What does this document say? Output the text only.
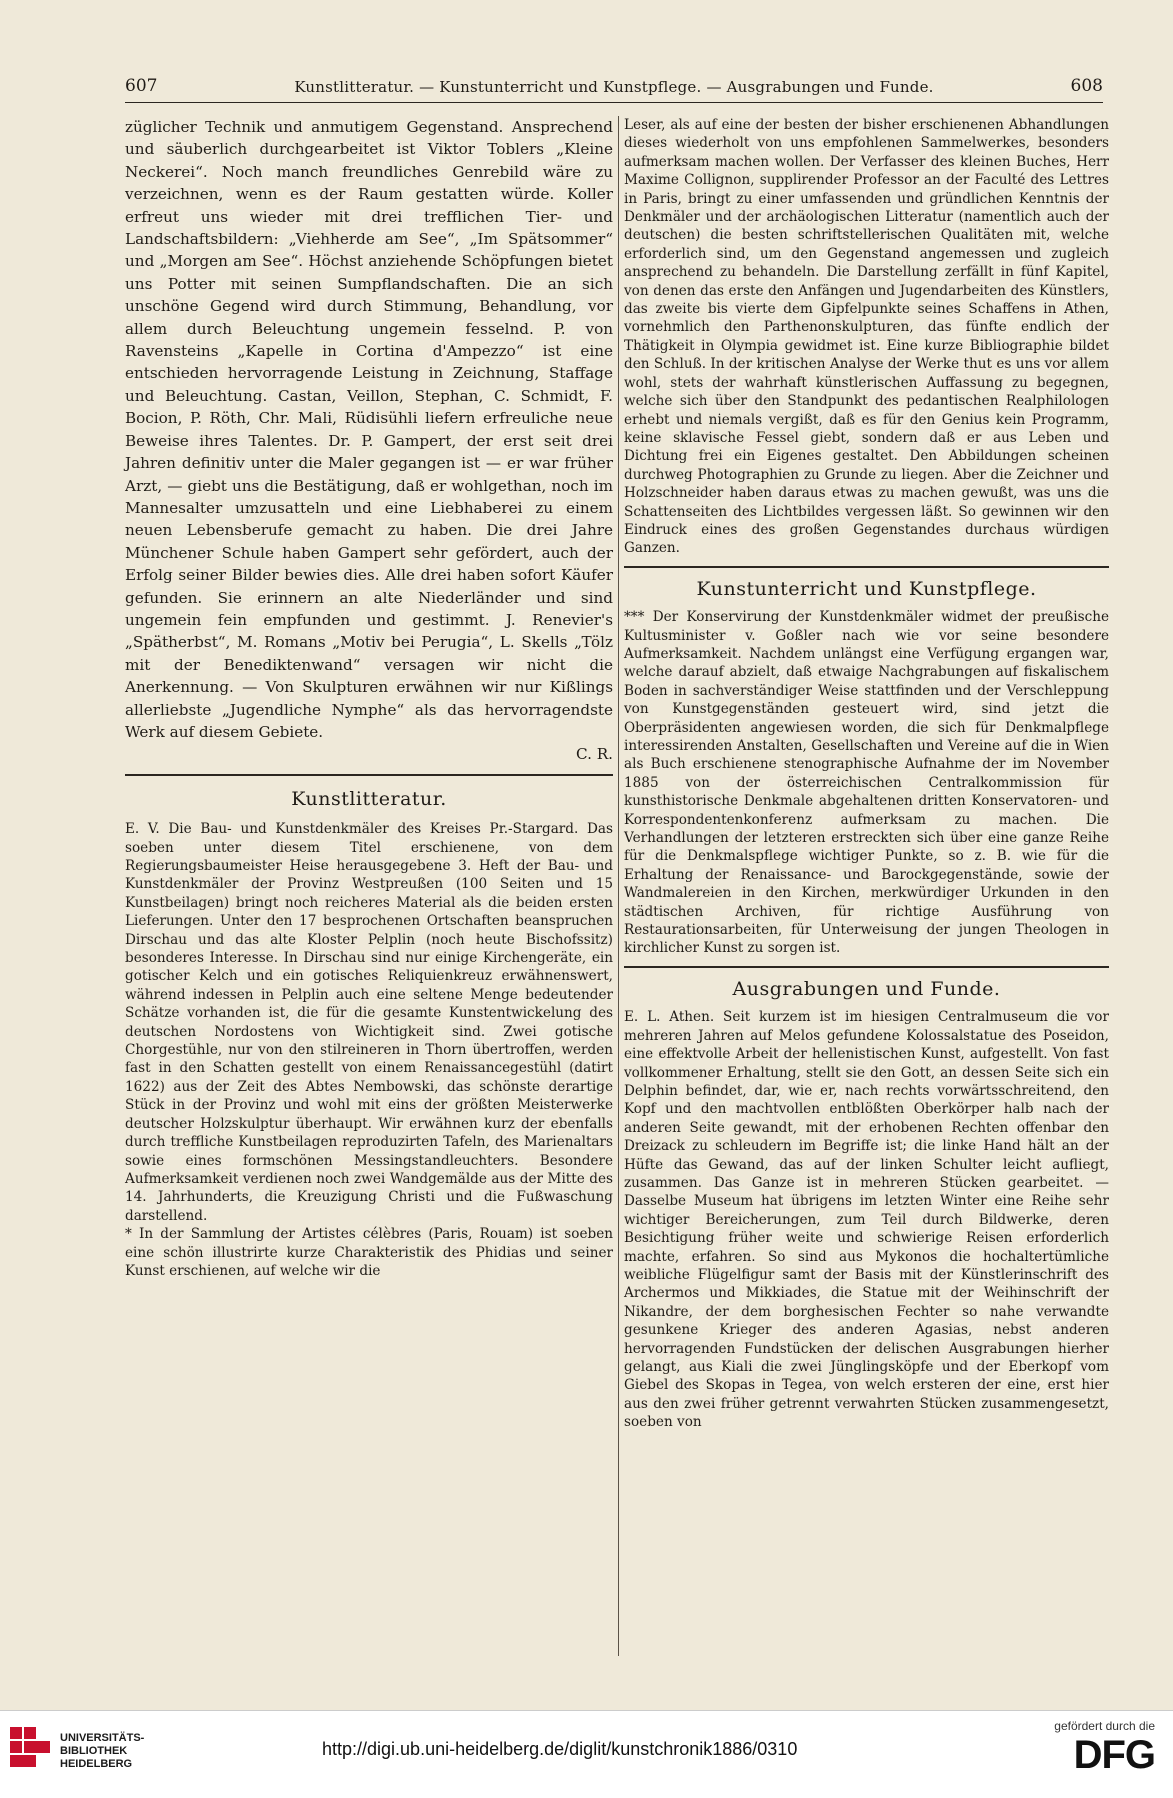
607	Kunstlitteratur. — Kunstunterricht und Kunstpflege. — Ausgrabungen und Funde.	608

züglicher Technik und anmutigem Gegenstand. Ansprechend und säuberlich durchgearbeitet ist Viktor Toblers „Kleine Neckerei“. Noch manch freundliches Genrebild wäre zu verzeichnen, wenn es der Raum gestatten würde. Koller erfreut uns wieder mit drei trefflichen Tier- und Landschaftsbildern: „Viehherde am See“, „Im Spätsommer“ und „Morgen am See“. Höchst anziehende Schöpfungen bietet uns Potter mit seinen Sumpflandschaften. Die an sich unschöne Gegend wird durch Stimmung, Behandlung, vor allem durch Beleuchtung ungemein fesselnd. P. von Ravensteins „Kapelle in Cortina d'Ampezzo“ ist eine entschieden hervorragende Leistung in Zeichnung, Staffage und Beleuchtung. Castan, Veillon, Stephan, C. Schmidt, F. Bocion, P. Röth, Chr. Mali, Rüdisühli liefern erfreuliche neue Beweise ihres Talentes. Dr. P. Gampert, der erst seit drei Jahren definitiv unter die Maler gegangen ist — er war früher Arzt, — giebt uns die Bestätigung, daß er wohlgethan, noch im Mannesalter umzusatteln und eine Liebhaberei zu einem neuen Lebensberufe gemacht zu haben. Die drei Jahre Münchener Schule haben Gampert sehr gefördert, auch der Erfolg seiner Bilder bewies dies. Alle drei haben sofort Käufer gefunden. Sie erinnern an alte Niederländer und sind ungemein fein empfunden und gestimmt. J. Renevier's „Spätherbst“, M. Romans „Motiv bei Perugia“, L. Skells „Tölz mit der Benediktenwand“ versagen wir nicht die Anerkennung. — Von Skulpturen erwähnen wir nur Kißlings allerliebste „Jugendliche Nymphe“ als das hervorragendste Werk auf diesem Gebiete.

C. R.

Kunstlitteratur.

E. V. Die Bau- und Kunstdenkmäler des Kreises Pr.-Stargard. Das soeben unter diesem Titel erschienene, von dem Regierungsbaumeister Heise herausgegebene 3. Heft der Bau- und Kunstdenkmäler der Provinz Westpreußen (100 Seiten und 15 Kunstbeilagen) bringt noch reicheres Material als die beiden ersten Lieferungen. Unter den 17 besprochenen Ortschaften beanspruchen Dirschau und das alte Kloster Pelplin (noch heute Bischofssitz) besonderes Interesse. In Dirschau sind nur einige Kirchengeräte, ein gotischer Kelch und ein gotisches Reliquienkreuz erwähnenswert, während indessen in Pelplin auch eine seltene Menge bedeutender Schätze vorhanden ist, die für die gesamte Kunstentwickelung des deutschen Nordostens von Wichtigkeit sind. Zwei gotische Chorgestühle, nur von den stilreineren in Thorn übertroffen, werden fast in den Schatten gestellt von einem Renaissancegestühl (datirt 1622) aus der Zeit des Abtes Nembowski, das schönste derartige Stück in der Provinz und wohl mit eins der größten Meisterwerke deutscher Holzskulptur überhaupt. Wir erwähnen kurz der ebenfalls durch treffliche Kunstbeilagen reproduzirten Tafeln, des Marienaltars sowie eines formschönen Messingstandleuchters. Besondere Aufmerksamkeit verdienen noch zwei Wandgemälde aus der Mitte des 14. Jahrhunderts, die Kreuzigung Christi und die Fußwaschung darstellend.

* In der Sammlung der Artistes célèbres (Paris, Rouam) ist soeben eine schön illustrirte kurze Charakteristik des Phidias und seiner Kunst erschienen, auf welche wir die

Leser, als auf eine der besten der bisher erschienenen Abhandlungen dieses wiederholt von uns empfohlenen Sammelwerkes, besonders aufmerksam machen wollen. Der Verfasser des kleinen Buches, Herr Maxime Collignon, supplirender Professor an der Faculté des Lettres in Paris, bringt zu einer umfassenden und gründlichen Kenntnis der Denkmäler und der archäologischen Litteratur (namentlich auch der deutschen) die besten schriftstellerischen Qualitäten mit, welche erforderlich sind, um den Gegenstand angemessen und zugleich ansprechend zu behandeln. Die Darstellung zerfällt in fünf Kapitel, von denen das erste den Anfängen und Jugendarbeiten des Künstlers, das zweite bis vierte dem Gipfelpunkte seines Schaffens in Athen, vornehmlich den Parthenonskulpturen, das fünfte endlich der Thätigkeit in Olympia gewidmet ist. Eine kurze Bibliographie bildet den Schluß. In der kritischen Analyse der Werke thut es uns vor allem wohl, stets der wahrhaft künstlerischen Auffassung zu begegnen, welche sich über den Standpunkt des pedantischen Realphilologen erhebt und niemals vergißt, daß es für den Genius kein Programm, keine sklavische Fessel giebt, sondern daß er aus Leben und Dichtung frei ein Eigenes gestaltet. Den Abbildungen scheinen durchweg Photographien zu Grunde zu liegen. Aber die Zeichner und Holzschneider haben daraus etwas zu machen gewußt, was uns die Schattenseiten des Lichtbildes vergessen läßt. So gewinnen wir den Eindruck eines des großen Gegenstandes durchaus würdigen Ganzen.

Kunstunterricht und Kunstpflege.

*** Der Konservirung der Kunstdenkmäler widmet der preußische Kultusminister v. Goßler nach wie vor seine besondere Aufmerksamkeit. Nachdem unlängst eine Verfügung ergangen war, welche darauf abzielt, daß etwaige Nachgrabungen auf fiskalischem Boden in sachverständiger Weise stattfinden und der Verschleppung von Kunstgegenständen gesteuert wird, sind jetzt die Oberpräsidenten angewiesen worden, die sich für Denkmalpflege interessirenden Anstalten, Gesellschaften und Vereine auf die in Wien als Buch erschienene stenographische Aufnahme der im November 1885 von der österreichischen Centralkommission für kunsthistorische Denkmale abgehaltenen dritten Konservatoren- und Korrespondentenkonferenz aufmerksam zu machen. Die Verhandlungen der letzteren erstreckten sich über eine ganze Reihe für die Denkmalspflege wichtiger Punkte, so z. B. wie für die Erhaltung der Renaissance- und Barockgegenstände, sowie der Wandmalereien in den Kirchen, merkwürdiger Urkunden in den städtischen Archiven, für richtige Ausführung von Restaurationsarbeiten, für Unterweisung der jungen Theologen in kirchlicher Kunst zu sorgen ist.

Ausgrabungen und Funde.

E. L. Athen. Seit kurzem ist im hiesigen Centralmuseum die vor mehreren Jahren auf Melos gefundene Kolossalstatue des Poseidon, eine effektvolle Arbeit der hellenistischen Kunst, aufgestellt. Von fast vollkommener Erhaltung, stellt sie den Gott, an dessen Seite sich ein Delphin befindet, dar, wie er, nach rechts vorwärtsschreitend, den Kopf und den machtvollen entblößten Oberkörper halb nach der anderen Seite gewandt, mit der erhobenen Rechten offenbar den Dreizack zu schleudern im Begriffe ist; die linke Hand hält an der Hüfte das Gewand, das auf der linken Schulter leicht aufliegt, zusammen. Das Ganze ist in mehreren Stücken gearbeitet. — Dasselbe Museum hat übrigens im letzten Winter eine Reihe sehr wichtiger Bereicherungen, zum Teil durch Bildwerke, deren Besichtigung früher weite und schwierige Reisen erforderlich machte, erfahren. So sind aus Mykonos die hochaltertümliche weibliche Flügelfigur samt der Basis mit der Künstlerinschrift des Archermos und Mikkiades, die Statue mit der Weihinschrift der Nikandre, der dem borghesischen Fechter so nahe verwandte gesunkene Krieger des anderen Agasias, nebst anderen hervorragenden Fundstücken der delischen Ausgrabungen hierher gelangt, aus Kiali die zwei Jünglingsköpfe und der Eberkopf vom Giebel des Skopas in Tegea, von welch ersteren der eine, erst hier aus den zwei früher getrennt verwahrten Stücken zusammengesetzt, soeben von

UNIVERSITÄTS-
BIBLIOTHEK
HEIDELBERG
http://digi.ub.uni-heidelberg.de/diglit/kunstchronik1886/0310
gefördert durch die
DFG
